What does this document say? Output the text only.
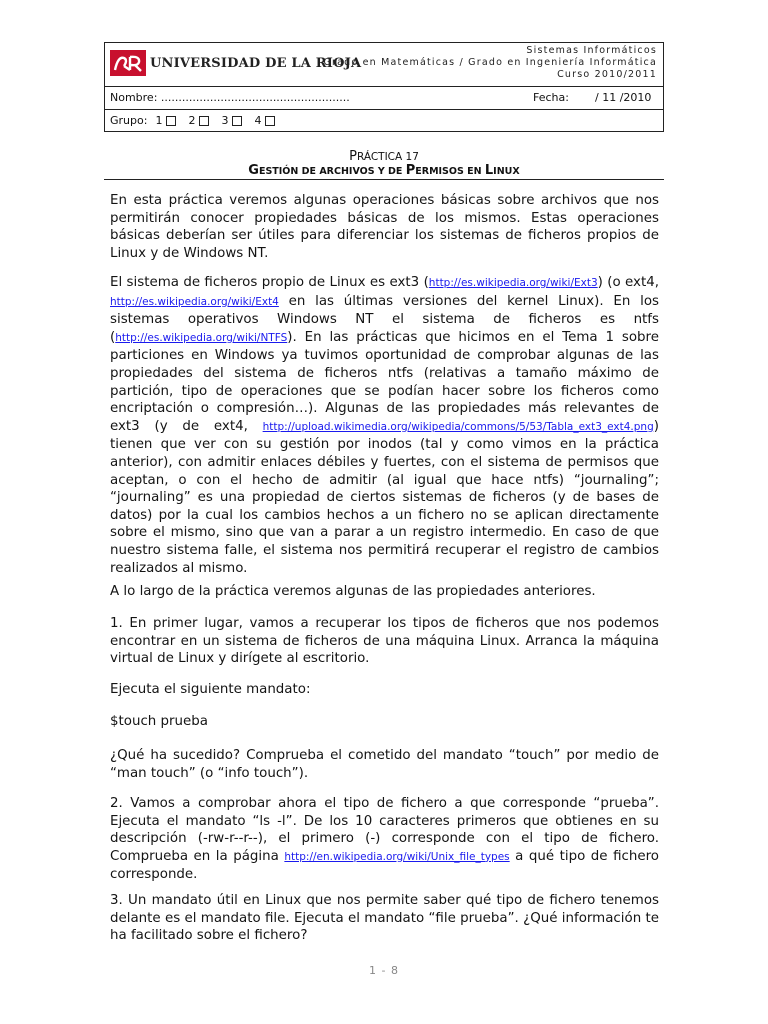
UNIVERSIDAD DE LA RIOJA
Sistemas Informáticos
Grado en Matemáticas / Grado en Ingeniería Informática
Curso 2010/2011
Nombre: ......................................................	Fecha: / 11 /2010
Grupo: 1 2 3 4
PRÁCTICA 17
GESTIÓN DE ARCHIVOS Y DE PERMISOS EN LINUX
En esta práctica veremos algunas operaciones básicas sobre archivos que nos permitirán conocer propiedades básicas de los mismos. Estas operaciones básicas deberían ser útiles para diferenciar los sistemas de ficheros propios de Linux y de Windows NT.
El sistema de ficheros propio de Linux es ext3 (http://es.wikipedia.org/wiki/Ext3) (o ext4, http://es.wikipedia.org/wiki/Ext4 en las últimas versiones del kernel Linux). En los sistemas operativos Windows NT el sistema de ficheros es ntfs (http://es.wikipedia.org/wiki/NTFS). En las prácticas que hicimos en el Tema 1 sobre particiones en Windows ya tuvimos oportunidad de comprobar algunas de las propiedades del sistema de ficheros ntfs (relativas a tamaño máximo de partición, tipo de operaciones que se podían hacer sobre los ficheros como encriptación o compresión…). Algunas de las propiedades más relevantes de ext3 (y de ext4, http://upload.wikimedia.org/wikipedia/commons/5/53/Tabla_ext3_ext4.png) tienen que ver con su gestión por inodos (tal y como vimos en la práctica anterior), con admitir enlaces débiles y fuertes, con el sistema de permisos que aceptan, o con el hecho de admitir (al igual que hace ntfs) “journaling”; “journaling” es una propiedad de ciertos sistemas de ficheros (y de bases de datos) por la cual los cambios hechos a un fichero no se aplican directamente sobre el mismo, sino que van a parar a un registro intermedio. En caso de que nuestro sistema falle, el sistema nos permitirá recuperar el registro de cambios realizados al mismo.
A lo largo de la práctica veremos algunas de las propiedades anteriores.
1. En primer lugar, vamos a recuperar los tipos de ficheros que nos podemos encontrar en un sistema de ficheros de una máquina Linux. Arranca la máquina virtual de Linux y dirígete al escritorio.
Ejecuta el siguiente mandato:
$touch prueba
¿Qué ha sucedido? Comprueba el cometido del mandato “touch” por medio de “man touch” (o “info touch”).
2. Vamos a comprobar ahora el tipo de fichero a que corresponde “prueba”. Ejecuta el mandato “ls -l”. De los 10 caracteres primeros que obtienes en su descripción (-rw-r--r--), el primero (-) corresponde con el tipo de fichero. Comprueba en la página http://en.wikipedia.org/wiki/Unix_file_types a qué tipo de fichero corresponde.
3. Un mandato útil en Linux que nos permite saber qué tipo de fichero tenemos delante es el mandato file. Ejecuta el mandato “file prueba”. ¿Qué información te ha facilitado sobre el fichero?
1 - 8
